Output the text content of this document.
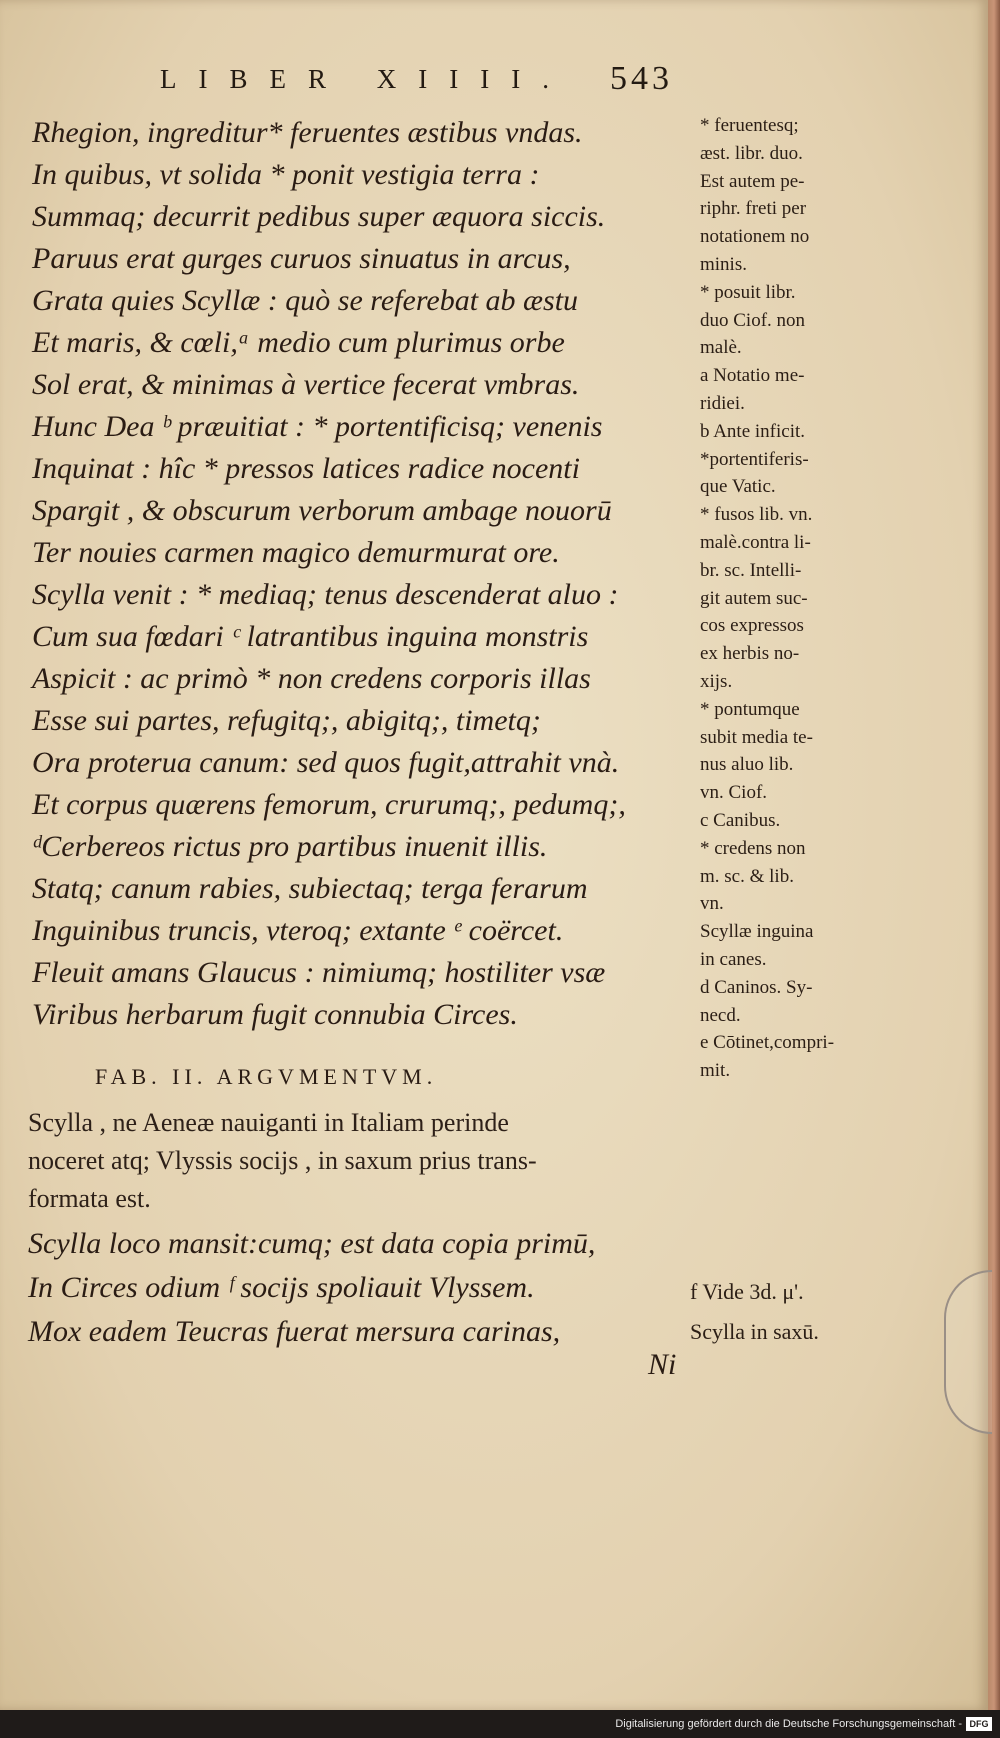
LIBER XIIII. 543
Rhegion, ingreditur* feruentes æstibus vndas.
In quibus, vt solida * ponit vestigia terra :
Summaq; decurrit pedibus super æquora siccis.
Paruus erat gurges curuos sinuatus in arcus,
Grata quies Scyllæ : quò se referebat ab æstu
Et maris, & cœli,ᵃ medio cum plurimus orbe
Sol erat, & minimas à vertice fecerat vmbras.
Hunc Dea ᵇ præuitiat : * portentificisq; venenis
Inquinat : hîc * pressos latices radice nocenti
Spargit , & obscurum verborum ambage nouorū
Ter nouies carmen magico demurmurat ore.
Scylla venit : * mediaq; tenus descenderat aluo :
Cum sua fœdari ᶜ latrantibus inguina monstris
Aspicit : ac primò * non credens corporis illas
Esse sui partes, refugitq;, abigitq;, timetq;
Ora proterua canum: sed quos fugit,attrahit vnà.
Et corpus quærens femorum, crurumq;, pedumq;,
ᵈCerbereos rictus pro partibus inuenit illis.
Statq; canum rabies, subiectaq; terga ferarum
Inguinibus truncis, vteroq; extante ᵉ coërcet.
Fleuit amans Glaucus : nimiumq; hostiliter vsæ
Viribus herbarum fugit connubia Circes.
* feruentesq;
æst. libr. duo.
Est autem pe-
riphr. freti per
notationem no
minis.
* posuit libr.
duo Ciof. non
malè.
a Notatio me-
ridiei.
b Ante inficit.
*portentiferis-
que Vatic.
* fusos lib. vn.
malè.contra li-
br. sc. Intelli-
git autem suc-
cos expressos
ex herbis no-
xijs.
* pontumque
subit media te-
nus aluo lib.
vn. Ciof.
c Canibus.
* credens non
m. sc. & lib.
vn.
Scyllæ inguina
in canes.
d Caninos. Sy-
necd.
e Cōtinet,compri-
mit.
FAB. II. ARGVMENTVM.
Scylla , ne Aeneæ nauiganti in Italiam perinde
noceret atq; Vlyssis socijs , in saxum prius trans-
formata est.
Scylla loco mansit:cumq; est data copia primū,
In Circes odium ᶠ socijs spoliauit Vlyssem.
Mox eadem Teucras fuerat mersura carinas,
f Vide 3d. μ'.
Scylla in saxū.
Ni
Digitalisierung gefördert durch die Deutsche Forschungsgemeinschaft - DFG
